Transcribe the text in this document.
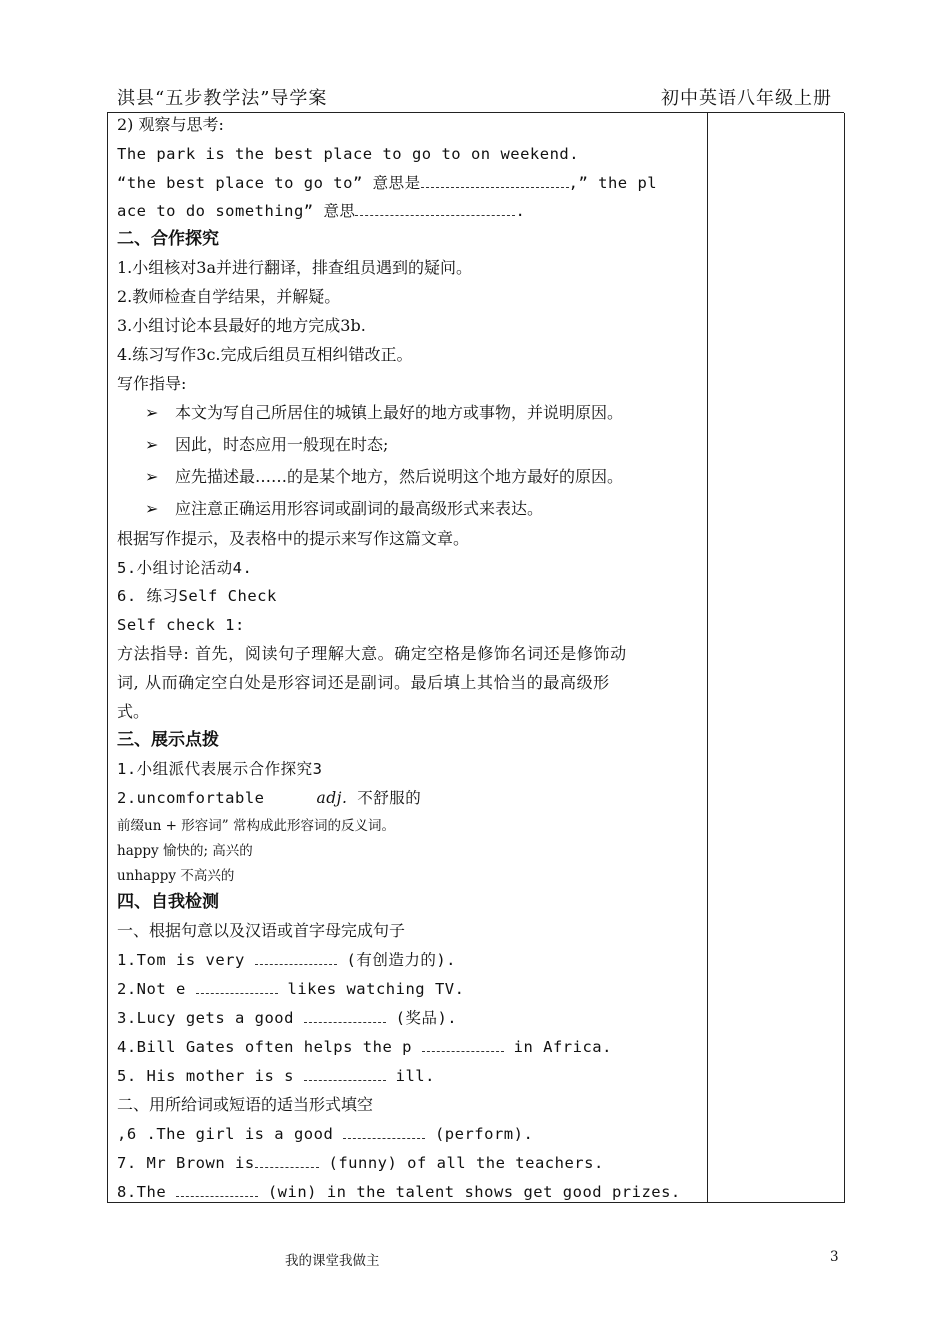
淇县“五步教学法”导学案	初中英语八年级上册
2) 观察与思考:
The park is the best place to go to on weekend.
“the best place to go to” 意思是	,” the pl
ace to do something” 意思	.
二、合作探究
1.小组核对3a并进行翻译，排查组员遇到的疑问。
2.教师检查自学结果，并解疑。
3.小组讨论本县最好的地方完成3b.
4.练习写作3c.完成后组员互相纠错改正。
写作指导:
➢ 本文为写自己所居住的城镇上最好的地方或事物，并说明原因。
➢ 因此，时态应用一般现在时态;
➢ 应先描述最……的是某个地方，然后说明这个地方最好的原因。
➢ 应注意正确运用形容词或副词的最高级形式来表达。
根据写作提示，及表格中的提示来写作这篇文章。
5.小组讨论活动4.
6. 练习Self Check
Self check 1:
方法指导: 首先，阅读句子理解大意。确定空格是修饰名词还是修饰动
词, 从而确定空白处是形容词还是副词。最后填上其恰当的最高级形
式。
三、展示点拨
1.小组派代表展示合作探究3
2.uncomfortable	adj. 不舒服的
前缀un + 形容词” 常构成此形容词的反义词。
happy 愉快的; 高兴的
unhappy 不高兴的
四、自我检测
一、根据句意以及汉语或首字母完成句子
1.Tom is very	(有创造力的).
2.Not e	likes watching TV.
3.Lucy gets a good	(奖品).
4.Bill Gates often helps the p	in Africa.
5. His mother is s	ill.
二、用所给词或短语的适当形式填空
,6 .The girl is a good	(perform).
7. Mr Brown is	(funny) of all the teachers.
8.The	(win) in the talent shows get good prizes.
我的课堂我做主	3
